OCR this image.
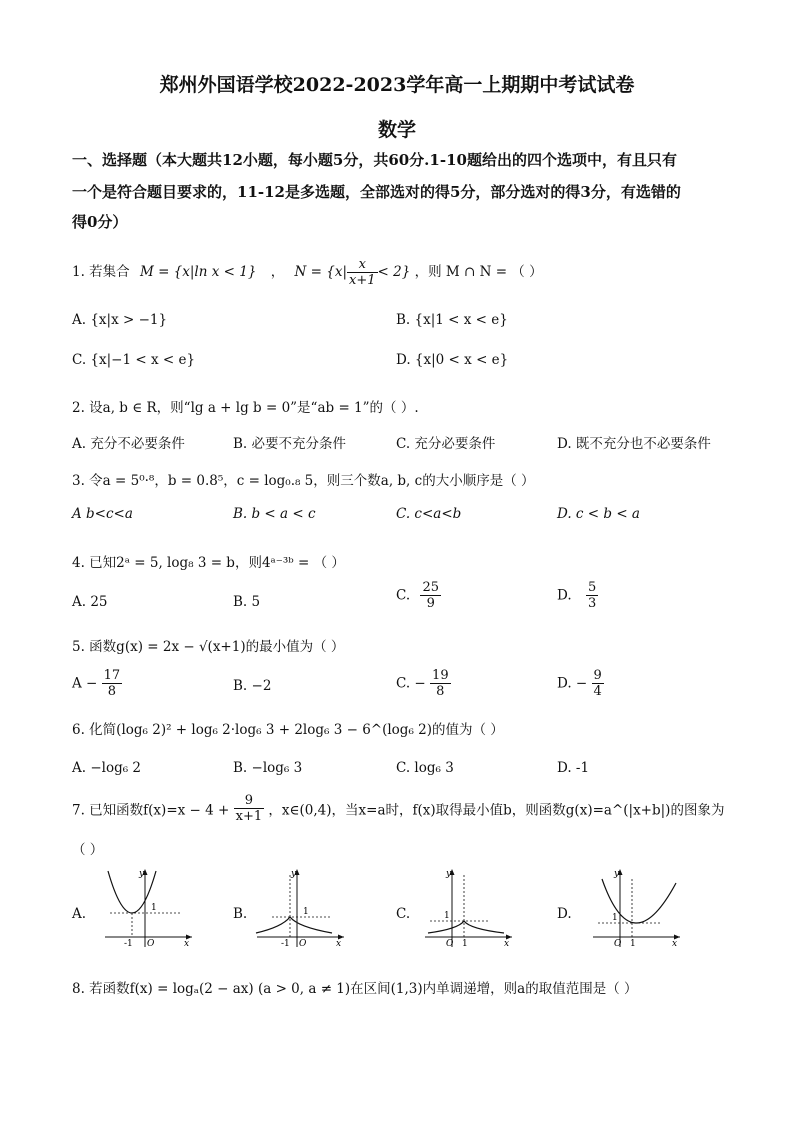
郑州外国语学校2022-2023学年高一上期期中考试试卷
数学
一、选择题（本大题共12小题，每小题5分，共60分.1-10题给出的四个选项中，有且只有
一个是符合题目要求的，11-12是多选题，全部选对的得5分，部分选对的得3分，有选错的
得0分）
1. 若集合 M = {x|ln x < 1} ， $N = \{x| \frac{x}{x+1} < 2\}$ ，则 M ∩ N = （ ）
A. {x|x > −1}	B. {x|1 < x < e}
C. {x|−1 < x < e}	D. {x|0 < x < e}
2. 设a, b ∈ R，则“lg a + lg b = 0”是“ab = 1”的（ ）.
A. 充分不必要条件	B. 必要不充分条件	C. 充分必要条件	D. 既不充分也不必要条件
3. 令a = 5⁰·⁸，b = 0.8⁵，c = log₀.₈ 5，则三个数a, b, c的大小顺序是（ ）
A b<c<a	B. b < a < c	C. c<a<b	D. c < b < a
4. 已知2ᵃ = 5, log₈ 3 = b，则4ᵃ⁻³ᵇ = （ ）
A. 25	B. 5	C. $\frac{25}{9}$	D. $\frac{5}{3}$
5. 函数g(x) = 2x − √(x+1)的最小值为（ ）
$A - \frac{17}{8}$	B. −2	C. − $\frac{19}{8}$	D. − $\frac{9}{4}$
6. 化简(log₆ 2)² + log₆ 2·log₆ 3 + 2log₆ 3 − 6^(log₆ 2)的值为（ ）
A. −log₆ 2	B. −log₆ 3	C. log₆ 3	D. -1
7. 已知函数$f(x)=x - 4 + \frac{9}{x+1}$ ，x∈(0,4)，当x=a时，f(x)取得最小值b，则函数g(x)=a^(|x+b|)的图象为
（ ）
A.	B.	C.	D.
y
x
O
1
-1
y
x
O
1
-1
y
x
O
1
1
y
x
O
1
1
8. 若函数f(x) = logₐ(2 − ax) (a > 0, a ≠ 1)在区间(1,3)内单调递增，则a的取值范围是（ ）
